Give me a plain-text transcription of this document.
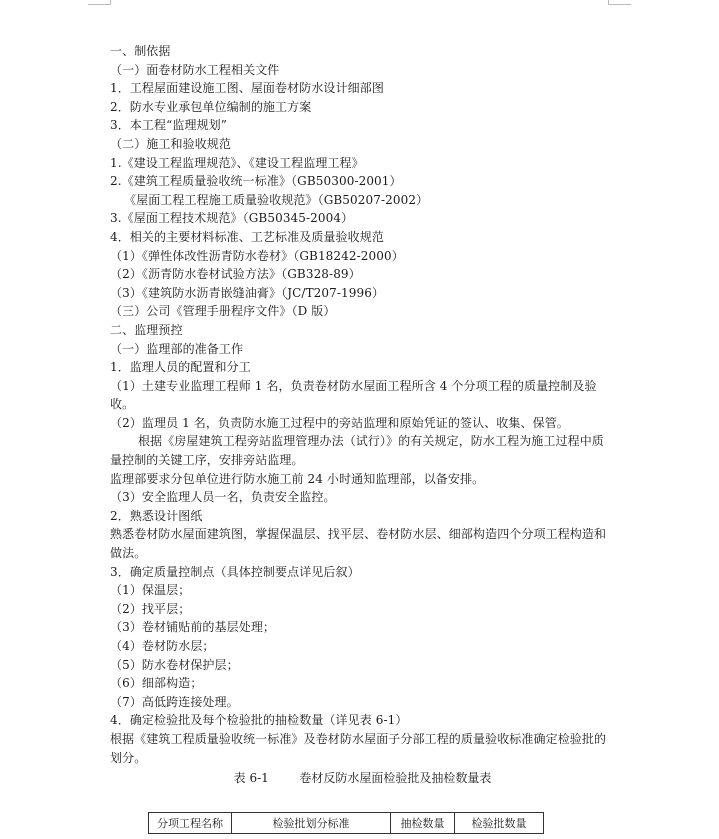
一、制依据
（一）面卷材防水工程相关文件
1．工程屋面建设施工图、屋面卷材防水设计细部图
2．防水专业承包单位编制的施工方案
3．本工程“监理规划”
（二）施工和验收规范
1.《建设工程监理规范》、《建设工程监理工程》
2.《建筑工程质量验收统一标准》（GB50300-2001）
《屋面工程工程施工质量验收规范》（GB50207-2002）
3.《屋面工程技术规范》（GB50345-2004）
4．相关的主要材料标准、工艺标准及质量验收规范
（1）《弹性体改性沥青防水卷材》（GB18242-2000）
（2）《沥青防水卷材试验方法》（GB328-89）
（3）《建筑防水沥青嵌缝油膏》（JC/T207-1996）
（三）公司《管理手册程序文件》（D 版）
二、监理预控
（一）监理部的准备工作
1．监理人员的配置和分工
（1）土建专业监理工程师 1 名，负责卷材防水屋面工程所含 4 个分项工程的质量控制及验收。
（2）监理员 1 名，负责防水施工过程中的旁站监理和原始凭证的签认、收集、保管。
根据《房屋建筑工程旁站监理管理办法（试行）》的有关规定，防水工程为施工过程中质量控制的关键工序，安排旁站监理。
监理部要求分包单位进行防水施工前 24 小时通知监理部，以备安排。
（3）安全监理人员一名，负责安全监控。
2．熟悉设计图纸
熟悉卷材防水屋面建筑图，掌握保温层、找平层、卷材防水层、细部构造四个分项工程构造和做法。
3．确定质量控制点（具体控制要点详见后叙）
（1）保温层；
（2）找平层；
（3）卷材铺贴前的基层处理；
（4）卷材防水层；
（5）防水卷材保护层；
（6）细部构造；
（7）高低跨连接处理。
4．确定检验批及每个检验批的抽检数量（详见表 6-1）
根据《建筑工程质量验收统一标准》及卷材防水屋面子分部工程的质量验收标准确定检验批的划分。
表 6-1        卷材反防水屋面检验批及抽检数量表
分项工程名称	检验批划分标准	抽检数量	检验批数量
